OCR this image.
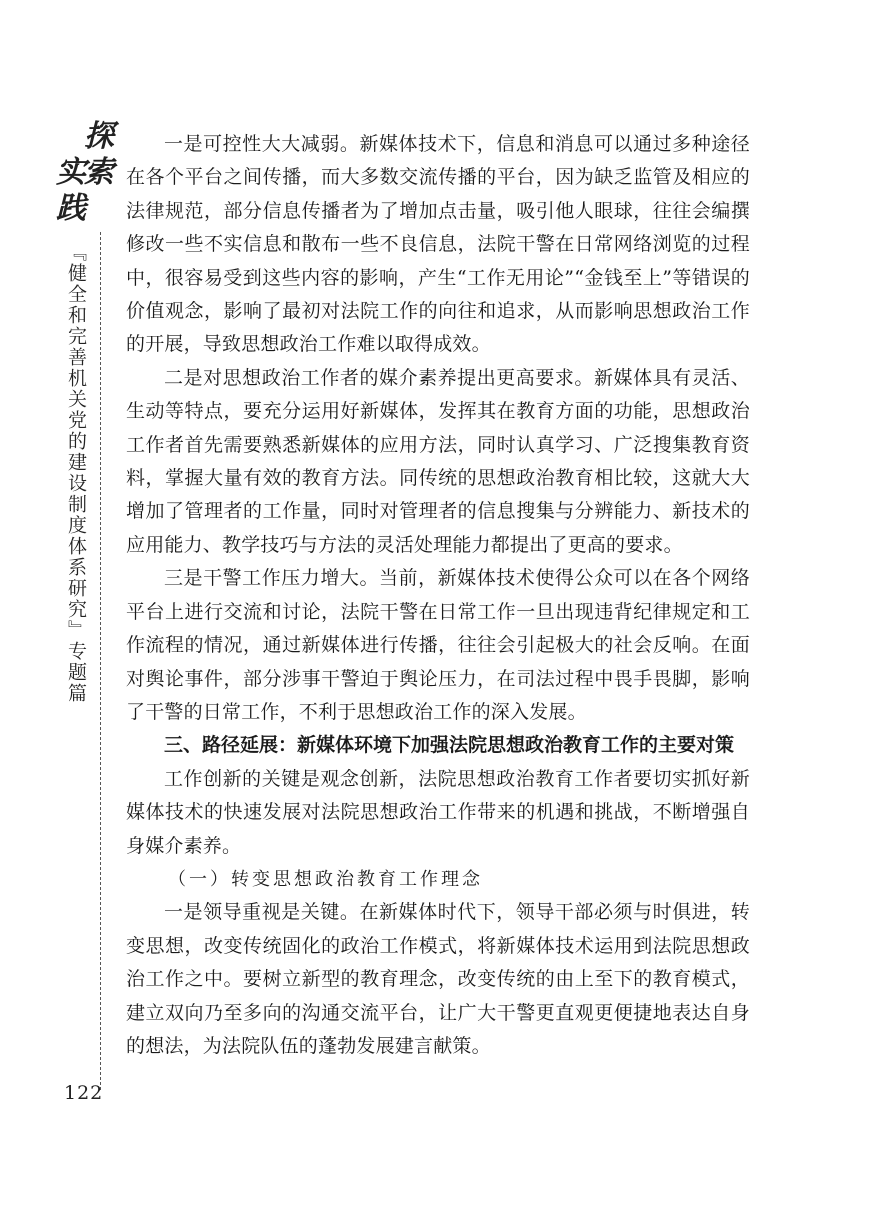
探
索
实
践
『健全和完善机关党的建设制度体系研究』专题篇
122

一是可控性大大减弱。新媒体技术下，信息和消息可以通过多种途径在各个平台之间传播，而大多数交流传播的平台，因为缺乏监管及相应的法律规范，部分信息传播者为了增加点击量，吸引他人眼球，往往会编撰修改一些不实信息和散布一些不良信息，法院干警在日常网络浏览的过程中，很容易受到这些内容的影响，产生“工作无用论”“金钱至上”等错误的价值观念，影响了最初对法院工作的向往和追求，从而影响思想政治工作的开展，导致思想政治工作难以取得成效。

二是对思想政治工作者的媒介素养提出更高要求。新媒体具有灵活、生动等特点，要充分运用好新媒体，发挥其在教育方面的功能，思想政治工作者首先需要熟悉新媒体的应用方法，同时认真学习、广泛搜集教育资料，掌握大量有效的教育方法。同传统的思想政治教育相比较，这就大大增加了管理者的工作量，同时对管理者的信息搜集与分辨能力、新技术的应用能力、教学技巧与方法的灵活处理能力都提出了更高的要求。

三是干警工作压力增大。当前，新媒体技术使得公众可以在各个网络平台上进行交流和讨论，法院干警在日常工作一旦出现违背纪律规定和工作流程的情况，通过新媒体进行传播，往往会引起极大的社会反响。在面对舆论事件，部分涉事干警迫于舆论压力，在司法过程中畏手畏脚，影响了干警的日常工作，不利于思想政治工作的深入发展。

三、路径延展：新媒体环境下加强法院思想政治教育工作的主要对策

工作创新的关键是观念创新，法院思想政治教育工作者要切实抓好新媒体技术的快速发展对法院思想政治工作带来的机遇和挑战，不断增强自身媒介素养。

（一）转变思想政治教育工作理念

一是领导重视是关键。在新媒体时代下，领导干部必须与时俱进，转变思想，改变传统固化的政治工作模式，将新媒体技术运用到法院思想政治工作之中。要树立新型的教育理念，改变传统的由上至下的教育模式，建立双向乃至多向的沟通交流平台，让广大干警更直观更便捷地表达自身的想法，为法院队伍的蓬勃发展建言献策。
